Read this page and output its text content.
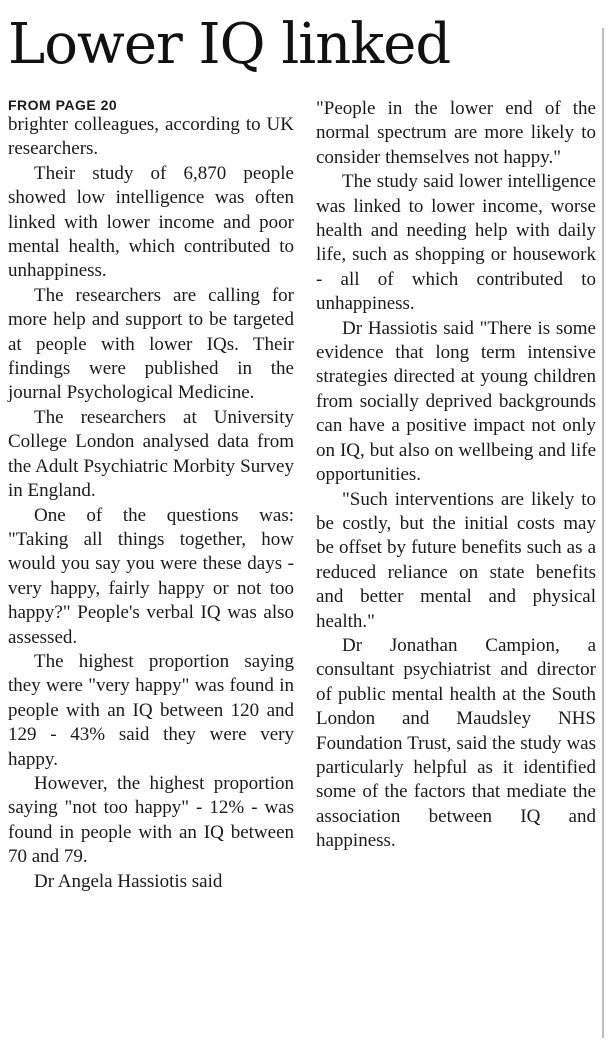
Lower IQ linked
FROM PAGE 20

brighter colleagues, according to UK researchers.

Their study of 6,870 people showed low intelligence was often linked with lower income and poor mental health, which contributed to unhappiness.

The researchers are calling for more help and support to be targeted at people with lower IQs. Their findings were published in the journal Psychological Medicine.

The researchers at University College London analysed data from the Adult Psychiatric Morbity Survey in England.

One of the questions was: "Taking all things together, how would you say you were these days - very happy, fairly happy or not too happy?" People's verbal IQ was also assessed.

The highest proportion saying they were "very happy" was found in people with an IQ between 120 and 129 - 43% said they were very happy.

However, the highest proportion saying "not too happy" - 12% - was found in people with an IQ between 70 and 79.

Dr Angela Hassiotis said

"People in the lower end of the normal spectrum are more likely to consider themselves not happy."

The study said lower intelligence was linked to lower income, worse health and needing help with daily life, such as shopping or housework - all of which contributed to unhappiness.

Dr Hassiotis said "There is some evidence that long term intensive strategies directed at young children from socially deprived backgrounds can have a positive impact not only on IQ, but also on wellbeing and life opportunities.

"Such interventions are likely to be costly, but the initial costs may be offset by future benefits such as a reduced reliance on state benefits and better mental and physical health."

Dr Jonathan Campion, a consultant psychiatrist and director of public mental health at the South London and Maudsley NHS Foundation Trust, said the study was particularly helpful as it identified some of the factors that mediate the association between IQ and happiness.
